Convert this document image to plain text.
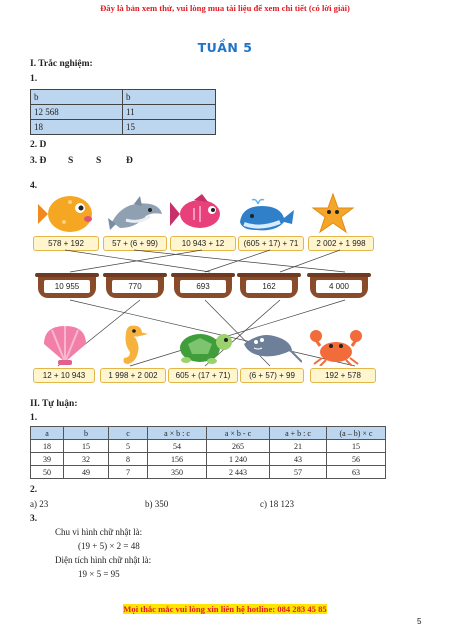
Đây là bản xem thử, vui lòng mua tài liệu để xem chi tiết (có lời giải)
TUẦN 5
I. Trắc nghiệm:
1.
b	b
12 568	11
18	15
2. D
3. Đ S S	Đ
4.
578 + 192	57 + (6 + 99)	10 943 + 12	(605 + 17) + 71	2 002 + 1 998
10 955	770	693	162	4 000
12 + 10 943	1 998 + 2 002	605 + (17 + 71)	(6 + 57) + 99	192 + 578
II. Tự luận:
1.
a	b	c	a × b : c	a × b - c	a + b : c	(a – b) × c
18	15	5	54	265	21	15
39	32	8	156	1 240	43	56
50	49	7	350	2 443	57	63
2.
a) 23	b) 350	c) 18 123
3.
Chu vi hình chữ nhật là:
(19 + 5) × 2 = 48
Diện tích hình chữ nhật là:
19 × 5 = 95
Mọi thắc mắc vui lòng xin liên hệ hotline: 084 283 45 85
5
